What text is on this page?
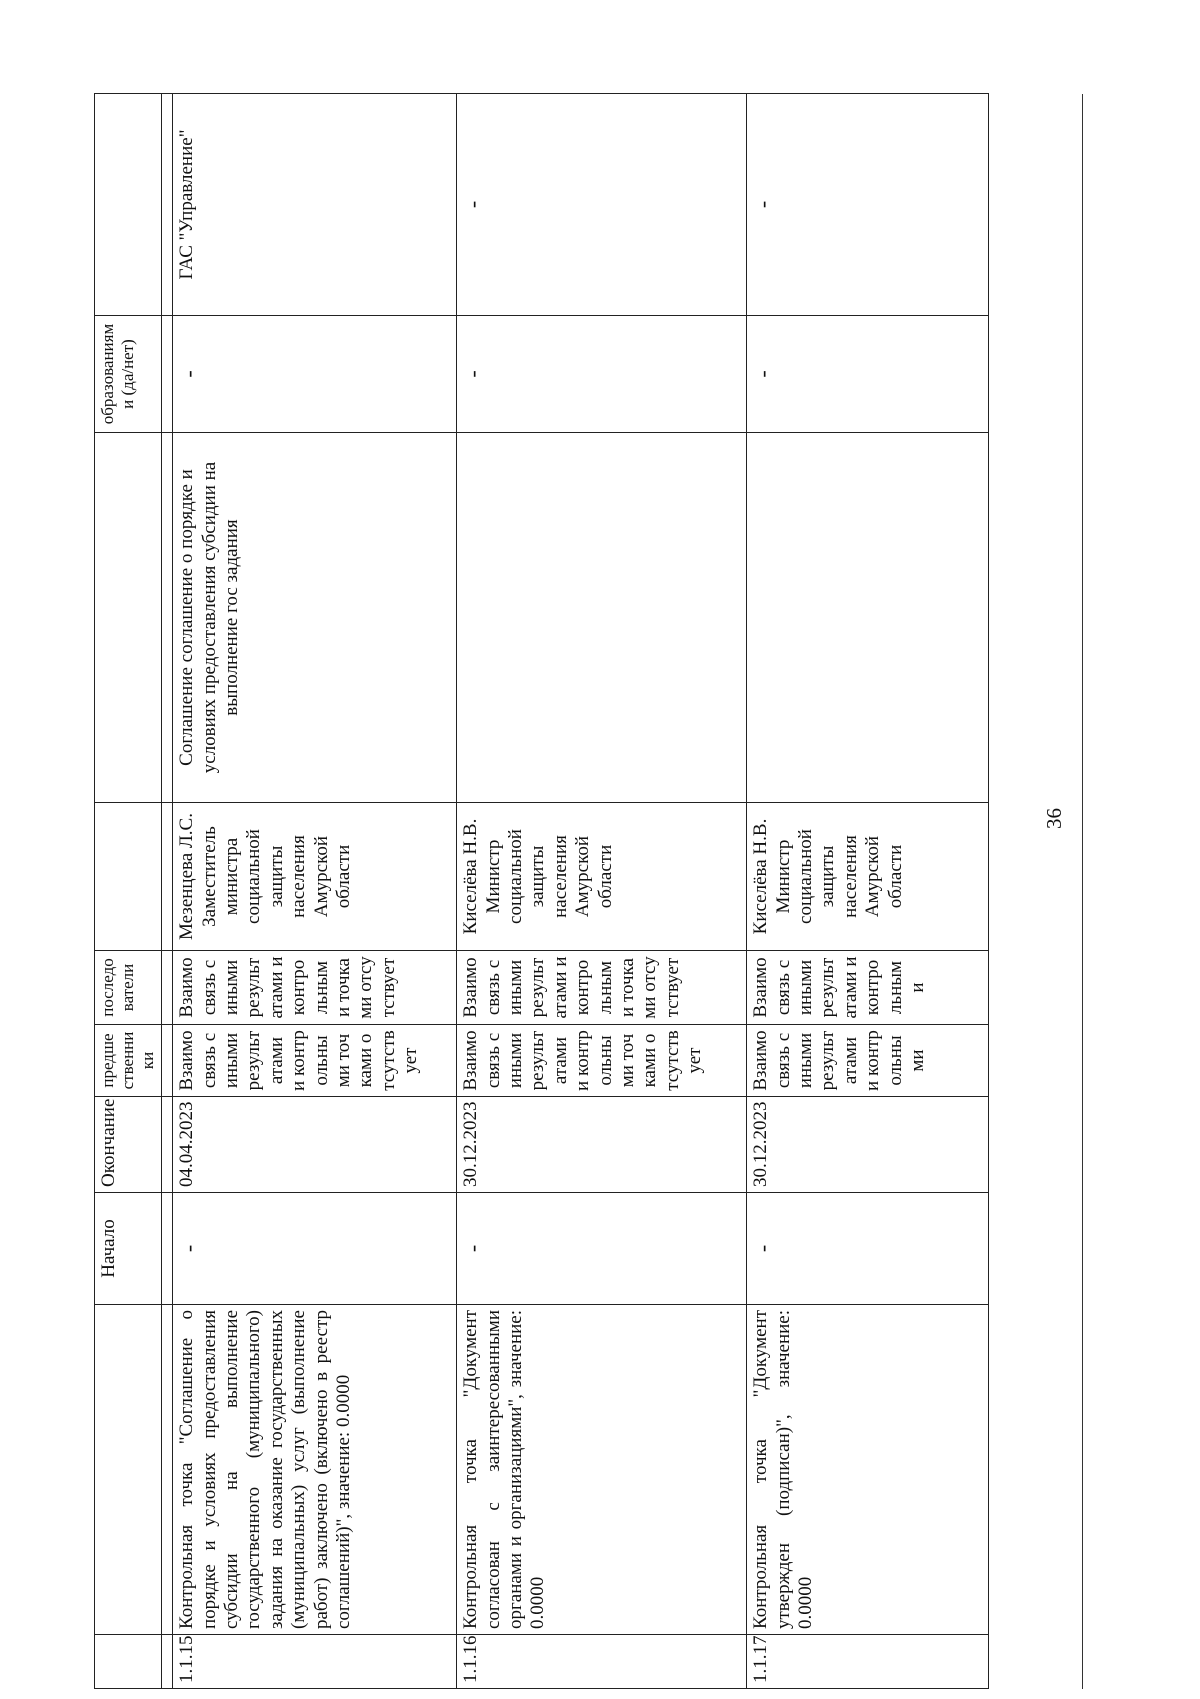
		Начало	Окончание	предшественники	последователи			образованиями (да/нет)	

1.1.15	Контрольная точка "Соглашение о порядке и условиях предоставления субсидии на выполнение государственного (муниципального) задания на оказание государственных (муниципальных) услуг (выполнение работ) заключено (включено в реестр соглашений)", значение: 0.0000	-	04.04.2023	Взаимосвязь с иными результатами и контрольными точками отсутствует	Взаимосвязь с иными результатами и контрольными точками отсутствует	Мезенцева Л.С. Заместитель министра социальной защиты населения Амурской области	Соглашение соглашение о порядке и условиях предоставления субсидии на выполнение гос задания	-	ГАС "Управление"
1.1.16	Контрольная точка "Документ согласован с заинтересованными органами и организациями", значение: 0.0000	-	30.12.2023	Взаимосвязь с иными результатами и контрольными точками отсутствует	Взаимосвязь с иными результатами и контрольными точками отсутствует	Киселёва Н.В. Министр социальной защиты населения Амурской области		-	-
1.1.17	Контрольная точка "Документ утвержден (подписан)", значение: 0.0000	-	30.12.2023	Взаимосвязь с иными результатами и контрольными	Взаимосвязь с иными результатами и контрольными	Киселёва Н.В. Министр социальной защиты населения Амурской области		-	-
36
